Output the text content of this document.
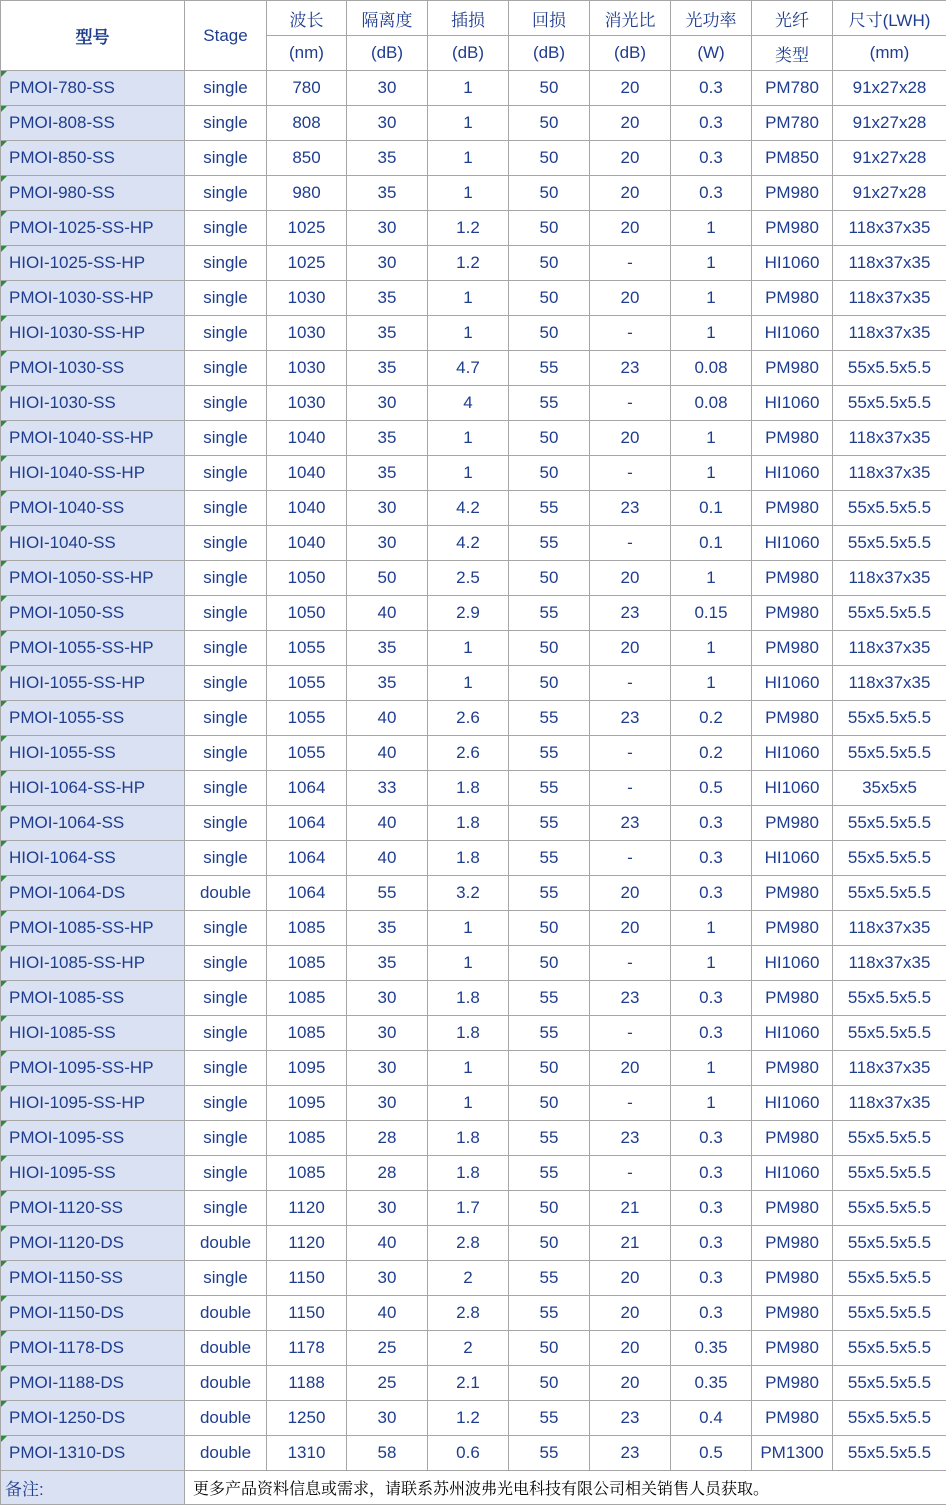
型号	Stage	波长	隔离度	插损	回损	消光比	光功率	光纤	尺寸(LWH)
		(nm)	(dB)	(dB)	(dB)	(dB)	(W)	类型	(mm)
PMOI-780-SS	single	780	30	1	50	20	0.3	PM780	91x27x28
PMOI-808-SS	single	808	30	1	50	20	0.3	PM780	91x27x28
PMOI-850-SS	single	850	35	1	50	20	0.3	PM850	91x27x28
PMOI-980-SS	single	980	35	1	50	20	0.3	PM980	91x27x28
PMOI-1025-SS-HP	single	1025	30	1.2	50	20	1	PM980	118x37x35
HIOI-1025-SS-HP	single	1025	30	1.2	50	-	1	HI1060	118x37x35
PMOI-1030-SS-HP	single	1030	35	1	50	20	1	PM980	118x37x35
HIOI-1030-SS-HP	single	1030	35	1	50	-	1	HI1060	118x37x35
PMOI-1030-SS	single	1030	35	4.7	55	23	0.08	PM980	55x5.5x5.5
HIOI-1030-SS	single	1030	30	4	55	-	0.08	HI1060	55x5.5x5.5
PMOI-1040-SS-HP	single	1040	35	1	50	20	1	PM980	118x37x35
HIOI-1040-SS-HP	single	1040	35	1	50	-	1	HI1060	118x37x35
PMOI-1040-SS	single	1040	30	4.2	55	23	0.1	PM980	55x5.5x5.5
HIOI-1040-SS	single	1040	30	4.2	55	-	0.1	HI1060	55x5.5x5.5
PMOI-1050-SS-HP	single	1050	50	2.5	50	20	1	PM980	118x37x35
PMOI-1050-SS	single	1050	40	2.9	55	23	0.15	PM980	55x5.5x5.5
PMOI-1055-SS-HP	single	1055	35	1	50	20	1	PM980	118x37x35
HIOI-1055-SS-HP	single	1055	35	1	50	-	1	HI1060	118x37x35
PMOI-1055-SS	single	1055	40	2.6	55	23	0.2	PM980	55x5.5x5.5
HIOI-1055-SS	single	1055	40	2.6	55	-	0.2	HI1060	55x5.5x5.5
HIOI-1064-SS-HP	single	1064	33	1.8	55	-	0.5	HI1060	35x5x5
PMOI-1064-SS	single	1064	40	1.8	55	23	0.3	PM980	55x5.5x5.5
HIOI-1064-SS	single	1064	40	1.8	55	-	0.3	HI1060	55x5.5x5.5
PMOI-1064-DS	double	1064	55	3.2	55	20	0.3	PM980	55x5.5x5.5
PMOI-1085-SS-HP	single	1085	35	1	50	20	1	PM980	118x37x35
HIOI-1085-SS-HP	single	1085	35	1	50	-	1	HI1060	118x37x35
PMOI-1085-SS	single	1085	30	1.8	55	23	0.3	PM980	55x5.5x5.5
HIOI-1085-SS	single	1085	30	1.8	55	-	0.3	HI1060	55x5.5x5.5
PMOI-1095-SS-HP	single	1095	30	1	50	20	1	PM980	118x37x35
HIOI-1095-SS-HP	single	1095	30	1	50	-	1	HI1060	118x37x35
PMOI-1095-SS	single	1085	28	1.8	55	23	0.3	PM980	55x5.5x5.5
HIOI-1095-SS	single	1085	28	1.8	55	-	0.3	HI1060	55x5.5x5.5
PMOI-1120-SS	single	1120	30	1.7	50	21	0.3	PM980	55x5.5x5.5
PMOI-1120-DS	double	1120	40	2.8	50	21	0.3	PM980	55x5.5x5.5
PMOI-1150-SS	single	1150	30	2	55	20	0.3	PM980	55x5.5x5.5
PMOI-1150-DS	double	1150	40	2.8	55	20	0.3	PM980	55x5.5x5.5
PMOI-1178-DS	double	1178	25	2	50	20	0.35	PM980	55x5.5x5.5
PMOI-1188-DS	double	1188	25	2.1	50	20	0.35	PM980	55x5.5x5.5
PMOI-1250-DS	double	1250	30	1.2	55	23	0.4	PM980	55x5.5x5.5
PMOI-1310-DS	double	1310	58	0.6	55	23	0.5	PM1300	55x5.5x5.5
备注:	更多产品资料信息或需求，请联系苏州波弗光电科技有限公司相关销售人员获取。								
